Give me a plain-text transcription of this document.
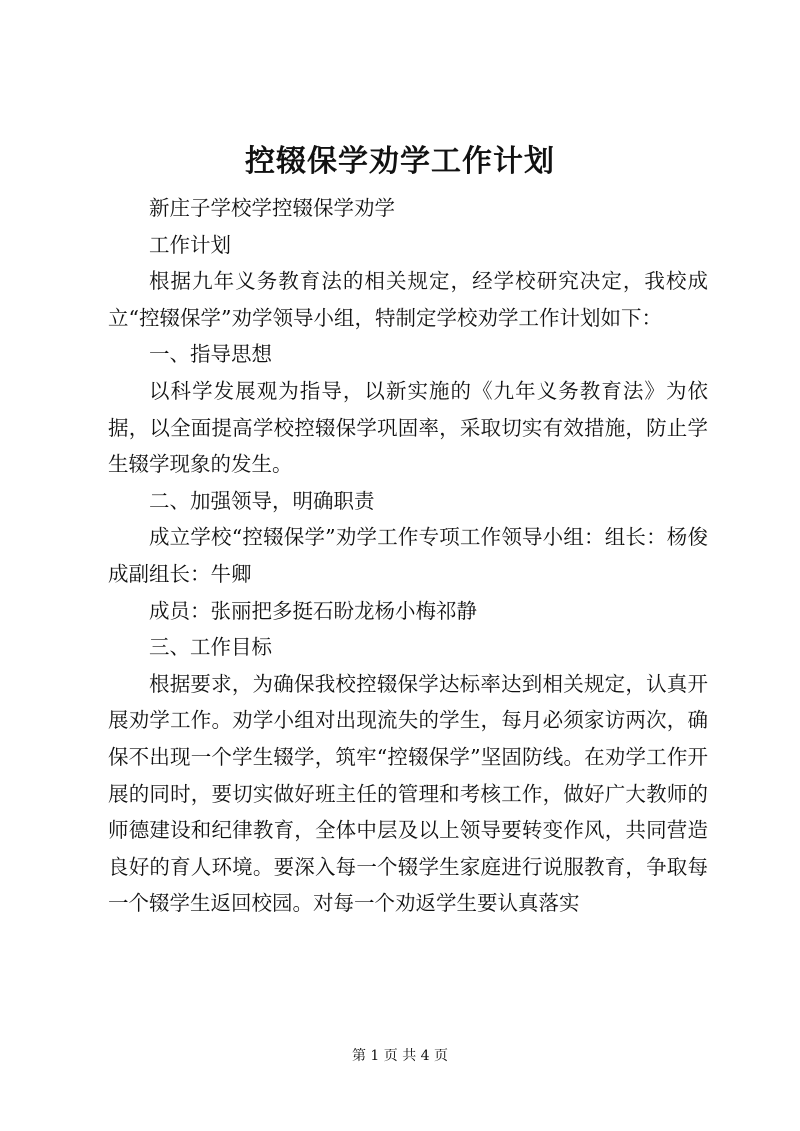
控辍保学劝学工作计划

新庄子学校学控辍保学劝学

工作计划

根据九年义务教育法的相关规定，经学校研究决定，我校成立“控辍保学”劝学领导小组，特制定学校劝学工作计划如下：

一、指导思想

以科学发展观为指导，以新实施的《九年义务教育法》为依据，以全面提高学校控辍保学巩固率，采取切实有效措施，防止学生辍学现象的发生。

二、加强领导，明确职责

成立学校“控辍保学”劝学工作专项工作领导小组：组长：杨俊成副组长：牛卿

成员：张丽把多挺石盼龙杨小梅祁静

三、工作目标

根据要求，为确保我校控辍保学达标率达到相关规定，认真开展劝学工作。劝学小组对出现流失的学生，每月必须家访两次，确保不出现一个学生辍学，筑牢“控辍保学”坚固防线。在劝学工作开展的同时，要切实做好班主任的管理和考核工作，做好广大教师的师德建设和纪律教育，全体中层及以上领导要转变作风，共同营造良好的育人环境。要深入每一个辍学生家庭进行说服教育，争取每一个辍学生返回校园。对每一个劝返学生要认真落实

第 1 页 共 4 页
